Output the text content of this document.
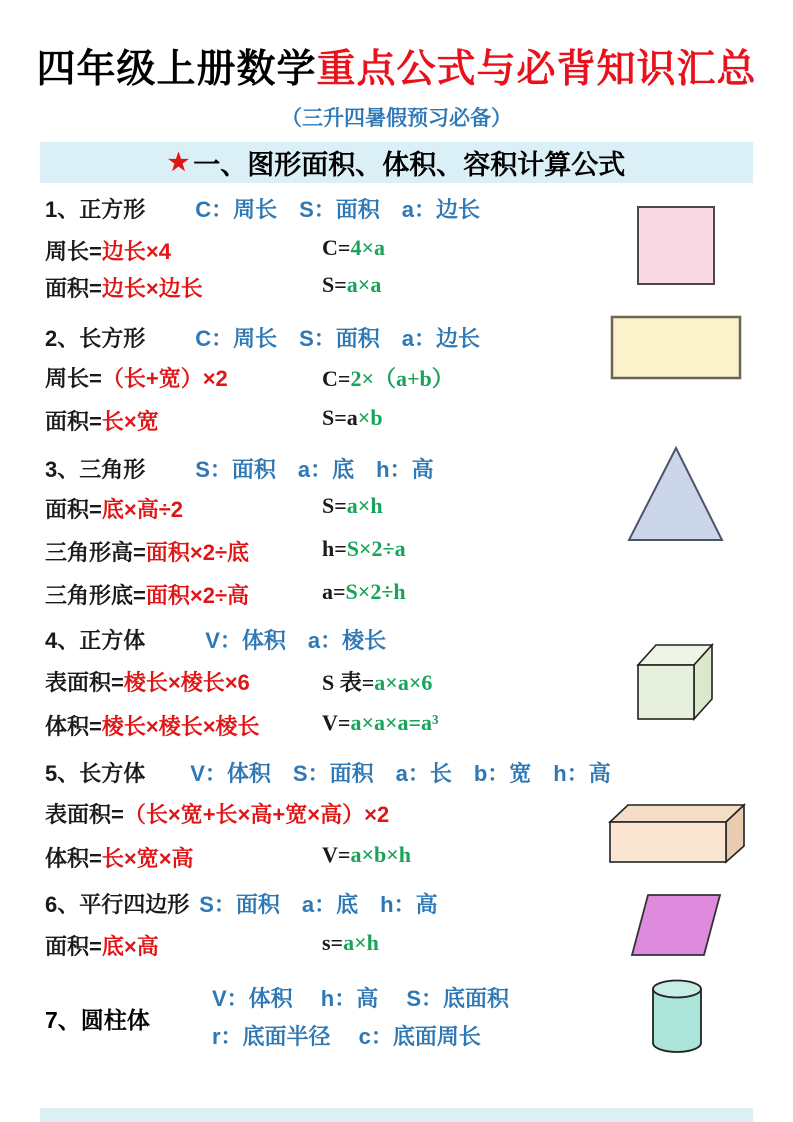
四年级上册数学重点公式与必背知识汇总
（三升四暑假预习必备）
★ 一、图形面积、体积、容积计算公式
1、正方形 C：周长　S：面积　a：边长
周长=边长×4	C=4×a
面积=边长×边长	S=a×a
2、长方形 C：周长　S：面积　a：边长
周长=（长+宽）×2	C=2×（a+b）
面积=长×宽	S=a×b
3、三角形 S：面积　a：底　h：高
面积=底×高÷2	S=a×h
三角形高=面积×2÷底	h=S×2÷a
三角形底=面积×2÷高	a=S×2÷h
4、正方体	V：体积　a：棱长
表面积=棱长×棱长×6	S 表=a×a×6
体积=棱长×棱长×棱长	V=a×a×a=a³
5、长方体 V：体积　S：面积　a：长　b：宽　h：高
表面积=（长×宽+长×高+宽×高）×2
体积=长×宽×高	V=a×b×h
6、平行四边形 S：面积　a：底　h：高
面积=底×高	s=a×h
7、圆柱体
V：体积　 h：高　 S：底面积
r：底面半径　 c：底面周长
